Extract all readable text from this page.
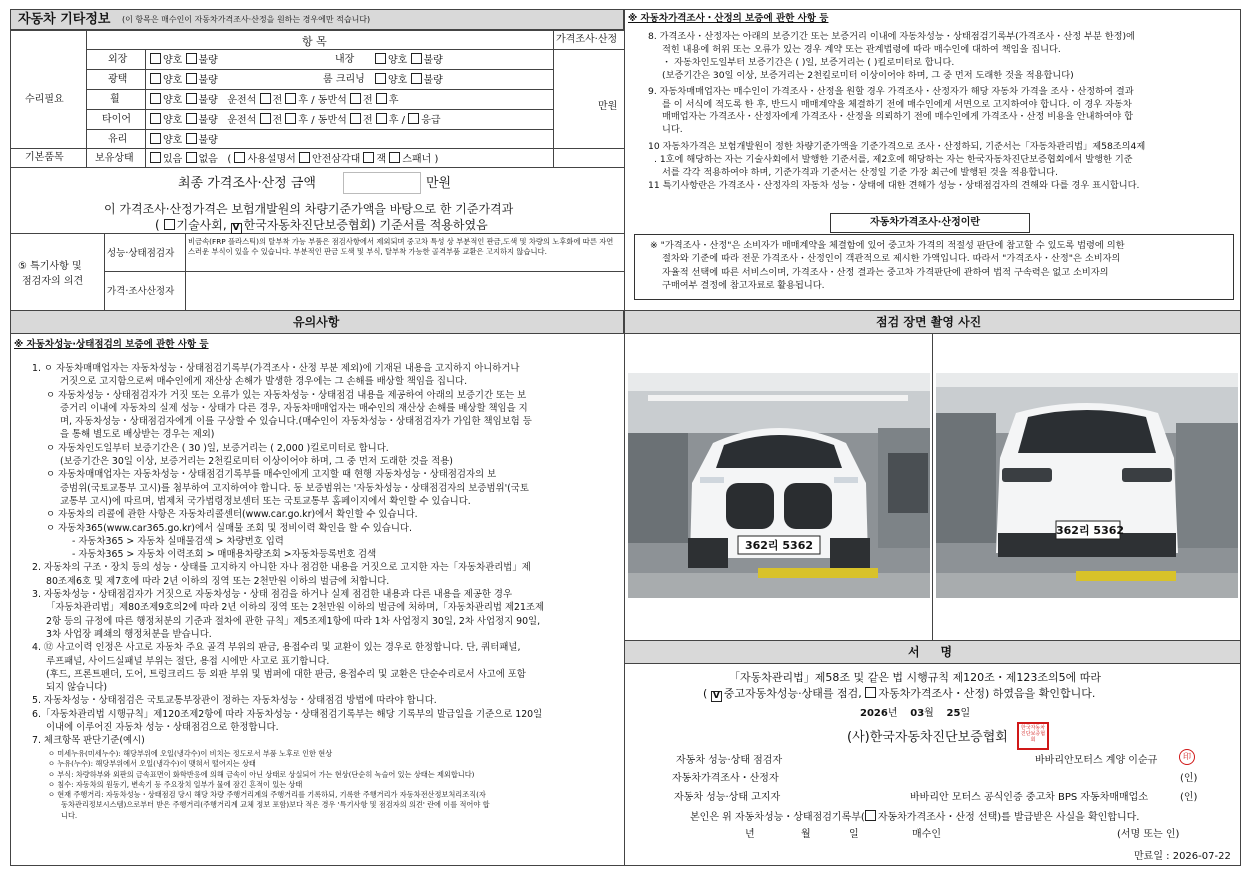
자동차 기타정보 (이 항목은 매수인이 자동차가격조사·산정을 원하는 경우에만 적습니다)
항 목	가격조사·산정
수리필요
기본품목
만원
외장	양호 불량	내장	양호 불량
광택	양호 불량	룸 크리닝	양호 불량
휠	양호 불량 운전석 전 후 / 동반석 전 후
타이어	양호 불량 운전석 전 후 / 동반석 전 후 / 응급
유리	양호 불량
보유상태	있음 없음 ( 사용설명서 안전삼각대 잭 스패너 )
최종 가격조사·산정 금액	만원
이 가격조사·산정가격은 보험개발원의 차량기준가액을 바탕으로 한 기준가격과
( 기술사회, V 한국자동차진단보증협회) 기준서를 적용하였음
⑤ 특기사항 및
점검자의 의견
성능·상태점검자
비금속(FRP 플라스틱)의 탈부착 가능 부품은 점검사항에서 제외되며 중고차 특성 상 부분적인 판금,도색 및 차량의 노후화에 따른 자연스러운 부식이 있을 수 있습니다. 부분적인 판금 도색 및 부식, 탈부착 가능한 골격부품 교환은 고지하지 않습니다.
가격·조사산정자
유의사항
※ 자동차성능·상태점검의 보증에 관한 사항 등

1. ㅇ 자동차매매업자는 자동차성능・상태점검기록부(가격조사・산정 부분 제외)에 기재된 내용을 고지하지 아니하거나

거짓으로 고지함으로써 매수인에게 재산상 손해가 발생한 경우에는 그 손해를 배상할 책임을 집니다.

ㅇ 자동차성능・상태점검자가 거짓 또는 오류가 있는 자동차성능・상태점검 내용을 제공하여 아래의 보증기간 또는 보

증거리 이내에 자동차의 실제 성능・상태가 다른 경우, 자동차매매업자는 매수인의 재산상 손해를 배상할 책임을 지

며, 자동차성능・상태점검자에게 이를 구상할 수 있습니다.(매수인이 자동차성능・상태점검자가 가입한 책임보험 등

을 통해 별도로 배상받는 경우는 제외)

ㅇ 자동차인도일부터 보증기간은 ( 30 )일, 보증거리는 ( 2,000 )킬로미터로 합니다.

(보증기간은 30일 이상, 보증거리는 2천킬로미터 이상이어야 하며, 그 중 먼저 도래한 것을 적용)

ㅇ 자동차매매업자는 자동차성능・상태점검기록부를 매수인에게 고지할 때 현행 자동차성능・상태점검자의 보

증범위(국토교통부 고시)를 첨부하여 고지하여야 합니다. 동 보증범위는 '자동차성능・상태점검자의 보증범위'(국토

교통부 고시)에 따르며, 법제처 국가법령정보센터 또는 국토교통부 홈페이지에서 확인할 수 있습니다.

ㅇ 자동차의 리콜에 관한 사항은 자동차리콜센터(www.car.go.kr)에서 확인할 수 있습니다.

ㅇ 자동차365(www.car365.go.kr)에서 실매물 조회 및 정비이력 확인을 할 수 있습니다.

- 자동차365 > 자동차 실매물검색 > 차량번호 입력

- 자동차365 > 자동차 이력조회 > 매매용차량조회 >자동차등록번호 검색

2. 자동차의 구조・장치 등의 성능・상태를 고지하지 아니한 자나 점검한 내용을 거짓으로 고지한 자는「자동차관리법」제

80조제6호 및 제7호에 따라 2년 이하의 징역 또는 2천만원 이하의 벌금에 처합니다.

3. 자동차성능・상태점검자가 거짓으로 자동차성능・상태 점검을 하거나 실제 점검한 내용과 다른 내용을 제공한 경우

「자동차관리법」제80조제9호의2에 따라 2년 이하의 징역 또는 2천만원 이하의 벌금에 처하며,「자동차관리법 제21조제

2항 등의 규정에 따른 행정처분의 기준과 절차에 관한 규칙」제5조제1항에 따라 1차 사업정지 30일, 2차 사업정지 90일,

3차 사업장 폐쇄의 행정처분을 받습니다.

4. ⑫ 사고이력 인정은 사고로 자동차 주요 골격 부위의 판금, 용접수리 및 교환이 있는 경우로 한정합니다. 단, 쿼터패널,

루프패널, 사이드실패널 부위는 절단, 용접 시에만 사고로 표기합니다.

(후드, 프론트펜더, 도어, 트렁크리드 등 외판 부위 및 범퍼에 대한 판금, 용접수리 및 교환은 단순수리로서 사고에 포함

되지 않습니다)

5. 자동차성능・상태점검은 국토교통부장관이 정하는 자동차성능・상태점검 방법에 따라야 합니다.

6.「자동차관리법 시행규칙」제120조제2항에 따라 자동차성능・상태점검기록부는 해당 기록부의 발급일을 기준으로 120일

이내에 이루어진 자동차 성능・상태점검으로 한정합니다.

7. 체크항목 판단기준(예시)

ㅇ 미세누유(미세누수): 해당부위에 오일(냉각수)이 비치는 정도로서 부품 노후로 인한 현상

ㅇ 누유(누수): 해당부위에서 오일(냉각수)이 맺혀서 떨어지는 상태

ㅇ 부식: 차량하부와 외판의 금속표면이 화학반응에 의해 금속이 아닌 상태로 상실되어 가는 현상(단순히 녹슬어 있는 상태는 제외합니다)

ㅇ 침수: 자동차의 원동기, 변속기 등 주요장치 일부가 물에 잠긴 흔적이 있는 상태

ㅇ 현재 주행거리: 자동차성능・상태점검 당시 해당 차량 주행거리계의 주행거리를 기록하되, 기록한 주행거리가 자동차전산정보처리조직(자

동차관리정보시스템)으로부터 받은 주행거리(주행거리계 교체 정보 포함)보다 적은 경우 '특기사항 및 점검자의 의견' 란에 이를 적어야 합

니다.

※ 자동차가격조사・산정의 보증에 관한 사항 등

8. 가격조사・산정자는 아래의 보증기간 또는 보증거리 이내에 자동차성능・상태점검기록부(가격조사・산정 부분 한정)에

적힌 내용에 허위 또는 오류가 있는 경우 계약 또는 관계법령에 따라 매수인에 대하여 책임을 집니다.

・ 자동차인도일부터 보증기간은 ( )일, 보증거리는 ( )킬로미터로 합니다.

(보증기간은 30일 이상, 보증거리는 2천킬로미터 이상이어야 하며, 그 중 먼저 도래한 것을 적용합니다)

9. 자동차매매업자는 매수인이 가격조사・산정을 원할 경우 가격조사・산정자가 해당 자동차 가격을 조사・산정하여 결과

를 이 서식에 적도록 한 후, 반드시 매매계약을 체결하기 전에 매수인에게 서면으로 고지하여야 합니다. 이 경우 자동차

매매업자는 가격조사・산정자에게 가격조사・산정을 의뢰하기 전에 매수인에게 가격조사・산정 비용을 안내하여야 합

니다.

10 자동차가격은 보험개발원이 정한 차량기준가액을 기준가격으로 조사・산정하되, 기준서는「자동차관리법」제58조의4제

. 1호에 해당하는 자는 기술사회에서 발행한 기준서를, 제2호에 해당하는 자는 한국자동차진단보증협회에서 발행한 기준

서를 각각 적용하여야 하며, 기준가격과 기준서는 산정일 기준 가장 최근에 발행된 것을 적용합니다.

11 특기사항란은 가격조사・산정자의 자동차 성능・상태에 대한 견해가 성능・상태점검자의 견해와 다를 경우 표시합니다.

자동차가격조사·산정이란

※ "가격조사・산정"은 소비자가 매매계약을 체결함에 있어 중고차 가격의 적절성 판단에 참고할 수 있도록 법령에 의한

절차와 기준에 따라 전문 가격조사・산정인이 객관적으로 제시한 가액입니다. 따라서 "가격조사・산정"은 소비자의

자율적 선택에 따른 서비스이며, 가격조사・산정 결과는 중고차 가격판단에 관하여 법적 구속력은 없고 소비자의

구매여부 결정에 참고자료로 활용됩니다.

점검 장면 촬영 사진
362리 5362
362리 5362
서     명
「자동차관리법」제58조 및 같은 법 시행규칙 제120조・제123조의5에 따라
( V 중고자동차성능·상태를 점검, 자동차가격조사・산정) 하였음을 확인합니다.
2026년 03월 25일
(사)한국자동차진단보증협회
한국자동차진단보증협회
자동차 성능·상태 점검자	바바리안모터스 계양 이순규	印
자동차가격조사・산정자	(인)
자동차 성능·상태 고지자	바바리안 모터스 공식인증 중고차 BPS 자동차매매업소	(인)
본인은 위 자동차성능・상태점검기록부( 자동차가격조사・산정 선택)를 발급받은 사실을 확인합니다.
년	월	일	매수인	(서명 또는 인)
만료일 : 2026-07-22
